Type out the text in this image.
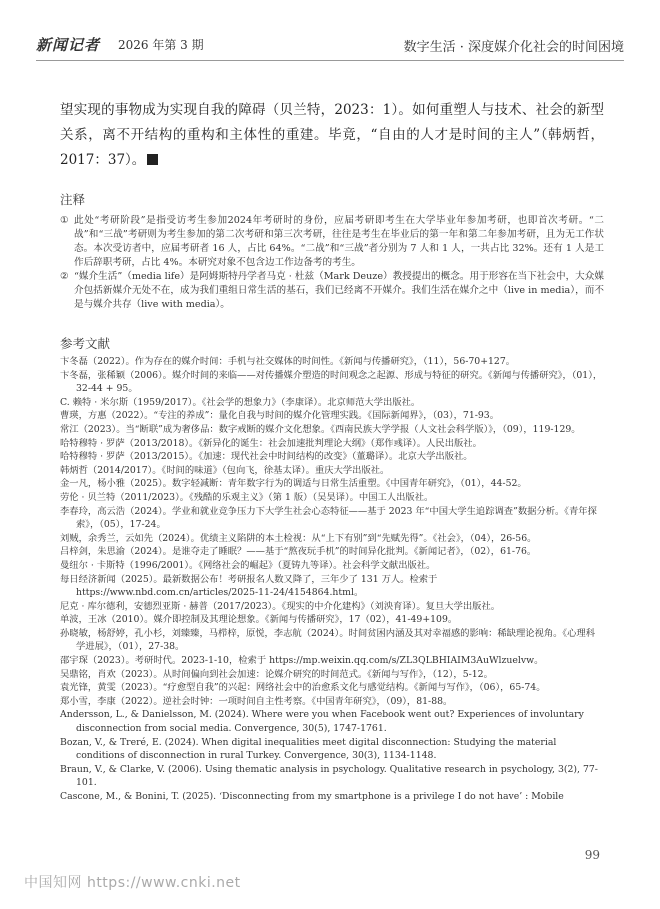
新闻记者 2026 年第 3 期	数字生活 · 深度媒介化社会的时间困境
望实现的事物成为实现自我的障碍（贝兰特，2023：1）。如何重塑人与技术、社会的新型关系，离不开结构的重构和主体性的重建。毕竟，“自由的人才是时间的主人”（韩炳哲，2017：37）。
注释
① 此处“考研阶段”是指受访考生参加2024年考研时的身份，应届考研即考生在大学毕业年参加考研，也即首次考研。“二战”和“三战”考研则为考生参加的第二次考研和第三次考研，往往是考生在毕业后的第一年和第二年参加考研，且为无工作状态。本次受访者中，应届考研者 16 人，占比 64%。“二战”和“三战”者分别为 7 人和 1 人，一共占比 32%。还有 1 人是工作后辞职考研，占比 4%。本研究对象不包含边工作边备考的考生。
② “媒介生活”（media life）是阿姆斯特丹学者马克 · 杜兹（Mark Deuze）教授提出的概念。用于形容在当下社会中，大众媒介包括新媒介无处不在，成为我们重组日常生活的基石，我们已经离不开媒介。我们生活在媒介之中（live in media），而不是与媒介共存（live with media）。
参考文献
卞冬磊（2022）。作为存在的媒介时间：手机与社交媒体的时间性。《新闻与传播研究》，（11），56-70+127。
卞冬磊，张稀颖（2006）。媒介时间的来临——对传播媒介塑造的时间观念之起源、形成与特征的研究。《新闻与传播研究》，（01），32-44 + 95。
C. 赖特 · 米尔斯（1959/2017）。《社会学的想象力》（李康译）。北京师范大学出版社。
曹瑛，方惠（2022）。“专注的养成”：量化自我与时间的媒介化管理实践。《国际新闻界》，（03），71-93。
常江（2023）。当“断联”成为奢侈品：数字戒断的媒介文化想象。《西南民族大学学报（人文社会科学版）》，（09），119-129。
哈特穆特 · 罗萨（2013/2018）。《新异化的诞生：社会加速批判理论大纲》（郑作彧译）。人民出版社。
哈特穆特 · 罗萨（2013/2015）。《加速：现代社会中时间结构的改变》（董璐译）。北京大学出版社。
韩炳哲（2014/2017）。《时间的味道》（包向飞，徐基太译）。重庆大学出版社。
金一凡，杨小雅（2025）。数字轻减断：青年数字行为的调适与日常生活重塑。《中国青年研究》，（01），44-52。
劳伦 · 贝兰特（2011/2023）。《残酷的乐观主义》（第 1 版）（吴昊译）。中国工人出版社。
李春玲，高云浩（2024）。学业和就业竞争压力下大学生社会心态特征——基于 2023 年“中国大学生追踪调查”数据分析。《青年探索》，（05），17-24。
刘贼，余秀兰，云如先（2024）。优绩主义陷阱的本土检视：从“上下有别”到“先赋先得”。《社会》，（04），26-56。
吕梓剑，朱思渝（2024）。是谁夺走了睡眠？——基于“熬夜玩手机”的时间异化批判。《新闻记者》，（02），61-76。
曼纽尔 · 卡斯特（1996/2001）。《网络社会的崛起》（夏铸九等译）。社会科学文献出版社。
每日经济新闻（2025）。最新数据公布！考研报名人数又降了，三年少了 131 万人。检索于 https://www.nbd.com.cn/articles/2025-11-24/4154864.html。
尼克 · 库尔德利，安德烈亚斯 · 赫普（2017/2023）。《现实的中介化建构》（刘泱育译）。复旦大学出版社。
单波，王冰（2010）。媒介即控制及其理论想象。《新闻与传播研究》，17（02），41-49+109。
孙晓敏，杨舒婷，孔小杉，刘臻臻，马栉梓，原悦，李志航（2024）。时间贫困内涵及其对幸福感的影响：稀缺理论视角。《心理科学进展》，（01），27-38。
邵宇琛（2023）。考研时代。2023-1-10，检索于 https://mp.weixin.qq.com/s/ZL3QLBHIAIM3AuWlzuelvw。
吴鼎铭，肖欢（2023）。从时间偏向到社会加速：论媒介研究的时间范式。《新闻与写作》，（12），5-12。
袁光锋，黄雯（2023）。“疗愈型自我”的兴起：网络社会中的治愈系文化与感觉结构。《新闻与写作》，（06），65-74。
郑小雪，李康（2022）。逆社会时钟：一项时间自主性考察。《中国青年研究》，（09），81-88。
Andersson, L., & Danielsson, M. (2024). Where were you when Facebook went out? Experiences of involuntary disconnection from social media. Convergence, 30(5), 1747-1761.
Bozan, V., & Treré, E. (2024). When digital inequalities meet digital disconnection: Studying the material conditions of disconnection in rural Turkey. Convergence, 30(3), 1134-1148.
Braun, V., & Clarke, V. (2006). Using thematic analysis in psychology. Qualitative research in psychology, 3(2), 77-101.
Cascone, M., & Bonini, T. (2025). ‘Disconnecting from my smartphone is a privilege I do not have’ : Mobile
99
中国知网 https://www.cnki.net
